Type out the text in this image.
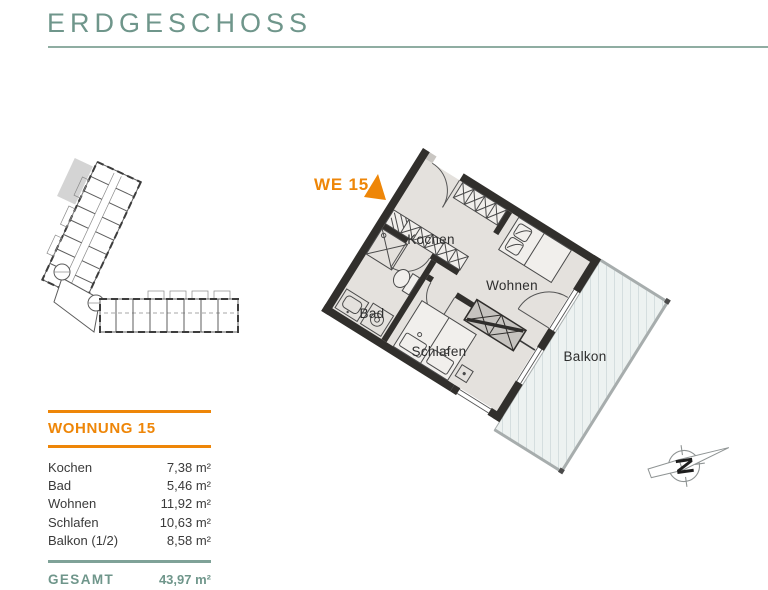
ERDGESCHOSS
Kochen
Wohnen
Bad
Schlafen	Balkon
WE 15
N
WOHNUNG 15
Kochen	7,38 m²
Bad	5,46 m²
Wohnen	11,92 m²
Schlafen	10,63 m²
Balkon (1/2)	8,58 m²
GESAMT	43,97 m²
